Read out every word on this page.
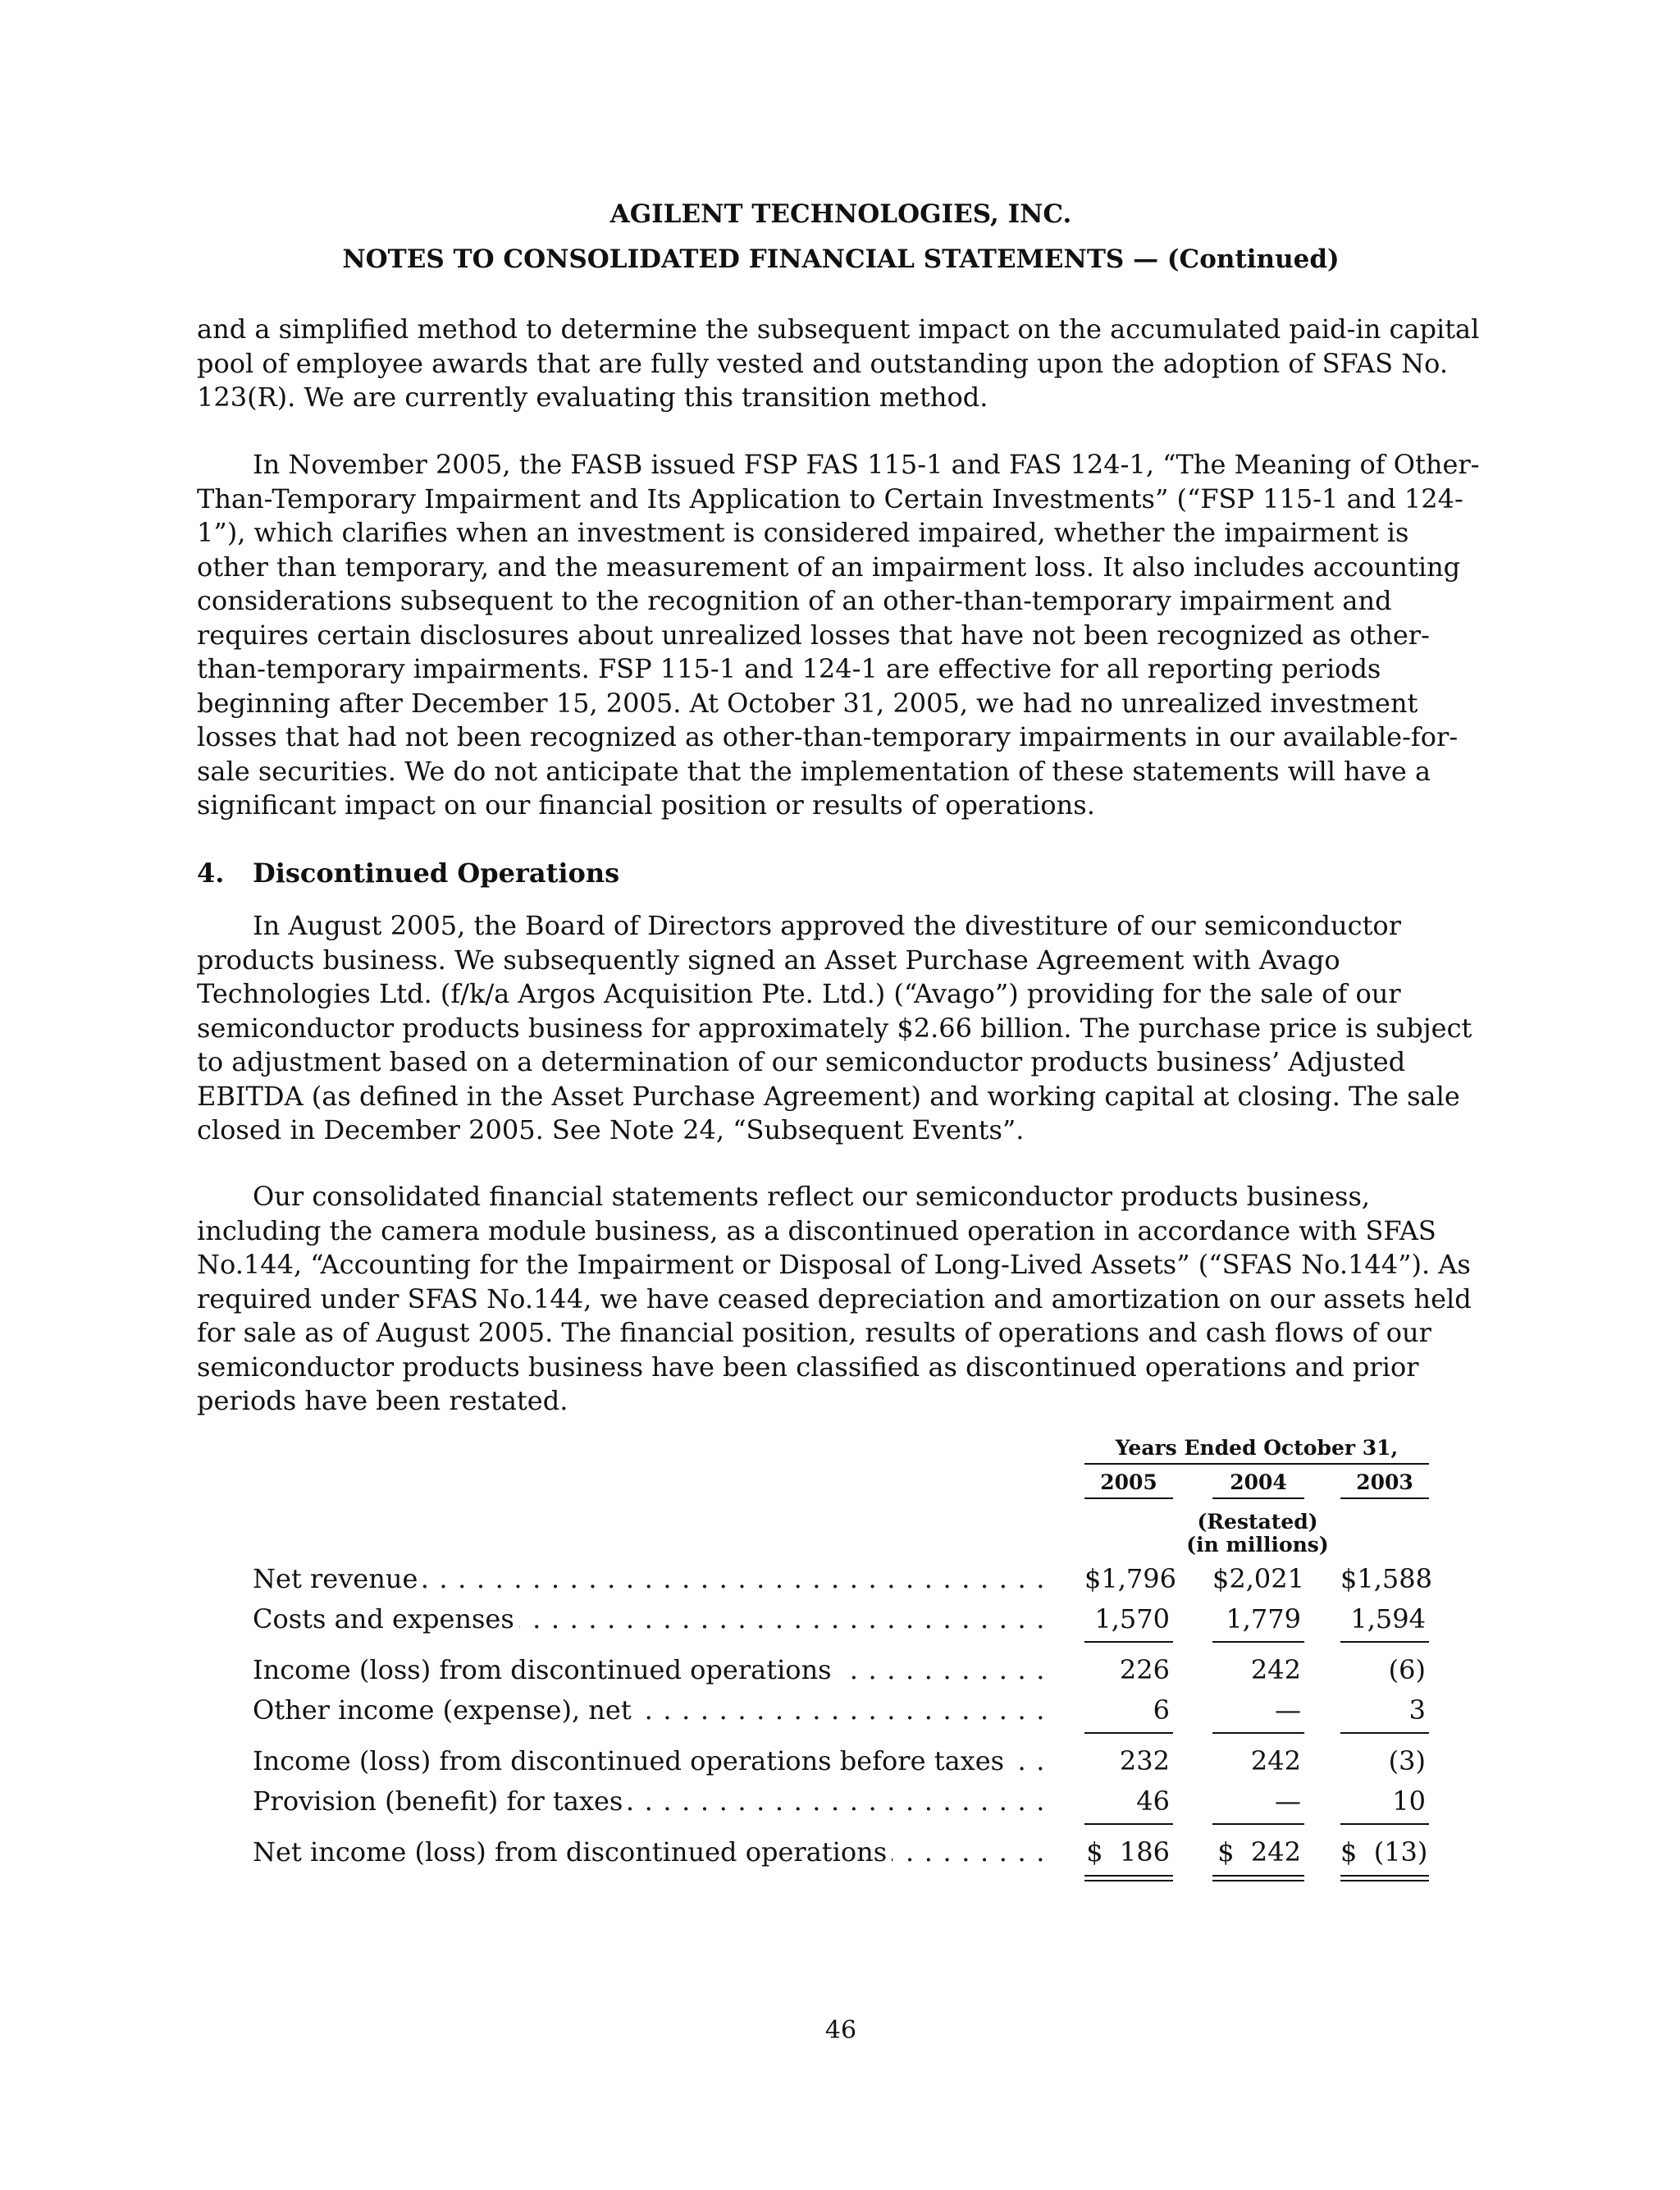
AGILENT TECHNOLOGIES, INC.
NOTES TO CONSOLIDATED FINANCIAL STATEMENTS — (Continued)

and a simplified method to determine the subsequent impact on the accumulated paid-in capital pool of employee awards that are fully vested and outstanding upon the adoption of SFAS No. 123(R). We are currently evaluating this transition method.

In November 2005, the FASB issued FSP FAS 115-1 and FAS 124-1, “The Meaning of Other-Than-Temporary Impairment and Its Application to Certain Investments” (“FSP 115-1 and 124-1”), which clarifies when an investment is considered impaired, whether the impairment is other than temporary, and the measurement of an impairment loss. It also includes accounting considerations subsequent to the recognition of an other-than-temporary impairment and requires certain disclosures about unrealized losses that have not been recognized as other-than-temporary impairments. FSP 115-1 and 124-1 are effective for all reporting periods beginning after December 15, 2005. At October 31, 2005, we had no unrealized investment losses that had not been recognized as other-than-temporary impairments in our available-for-sale securities. We do not anticipate that the implementation of these statements will have a significant impact on our financial position or results of operations.

4. Discontinued Operations

In August 2005, the Board of Directors approved the divestiture of our semiconductor products business. We subsequently signed an Asset Purchase Agreement with Avago Technologies Ltd. (f/k/a Argos Acquisition Pte. Ltd.) (“Avago”) providing for the sale of our semiconductor products business for approximately $2.66 billion. The purchase price is subject to adjustment based on a determination of our semiconductor products business’ Adjusted EBITDA (as defined in the Asset Purchase Agreement) and working capital at closing. The sale closed in December 2005. See Note 24, “Subsequent Events”.

Our consolidated financial statements reflect our semiconductor products business, including the camera module business, as a discontinued operation in accordance with SFAS No.144, “Accounting for the Impairment or Disposal of Long-Lived Assets” (“SFAS No.144”). As required under SFAS No.144, we have ceased depreciation and amortization on our assets held for sale as of August 2005. The financial position, results of operations and cash flows of our semiconductor products business have been classified as discontinued operations and prior periods have been restated.

Years Ended October 31,
2005	2004	2003
(Restated)
(in millions)
Net revenue . . .	$1,796 $2,021 $1,588
Costs and expenses . . .	1,570	1,779	1,594
Income (loss) from discontinued operations . . .	226	242	(6)
Other income (expense), net . . .	6	—	3
Income (loss) from discontinued operations before taxes . . .	232	242	(3)
Provision (benefit) for taxes . . .	46	—	10
Net income (loss) from discontinued operations . . .	$  186 $  242 $  (13)
46
